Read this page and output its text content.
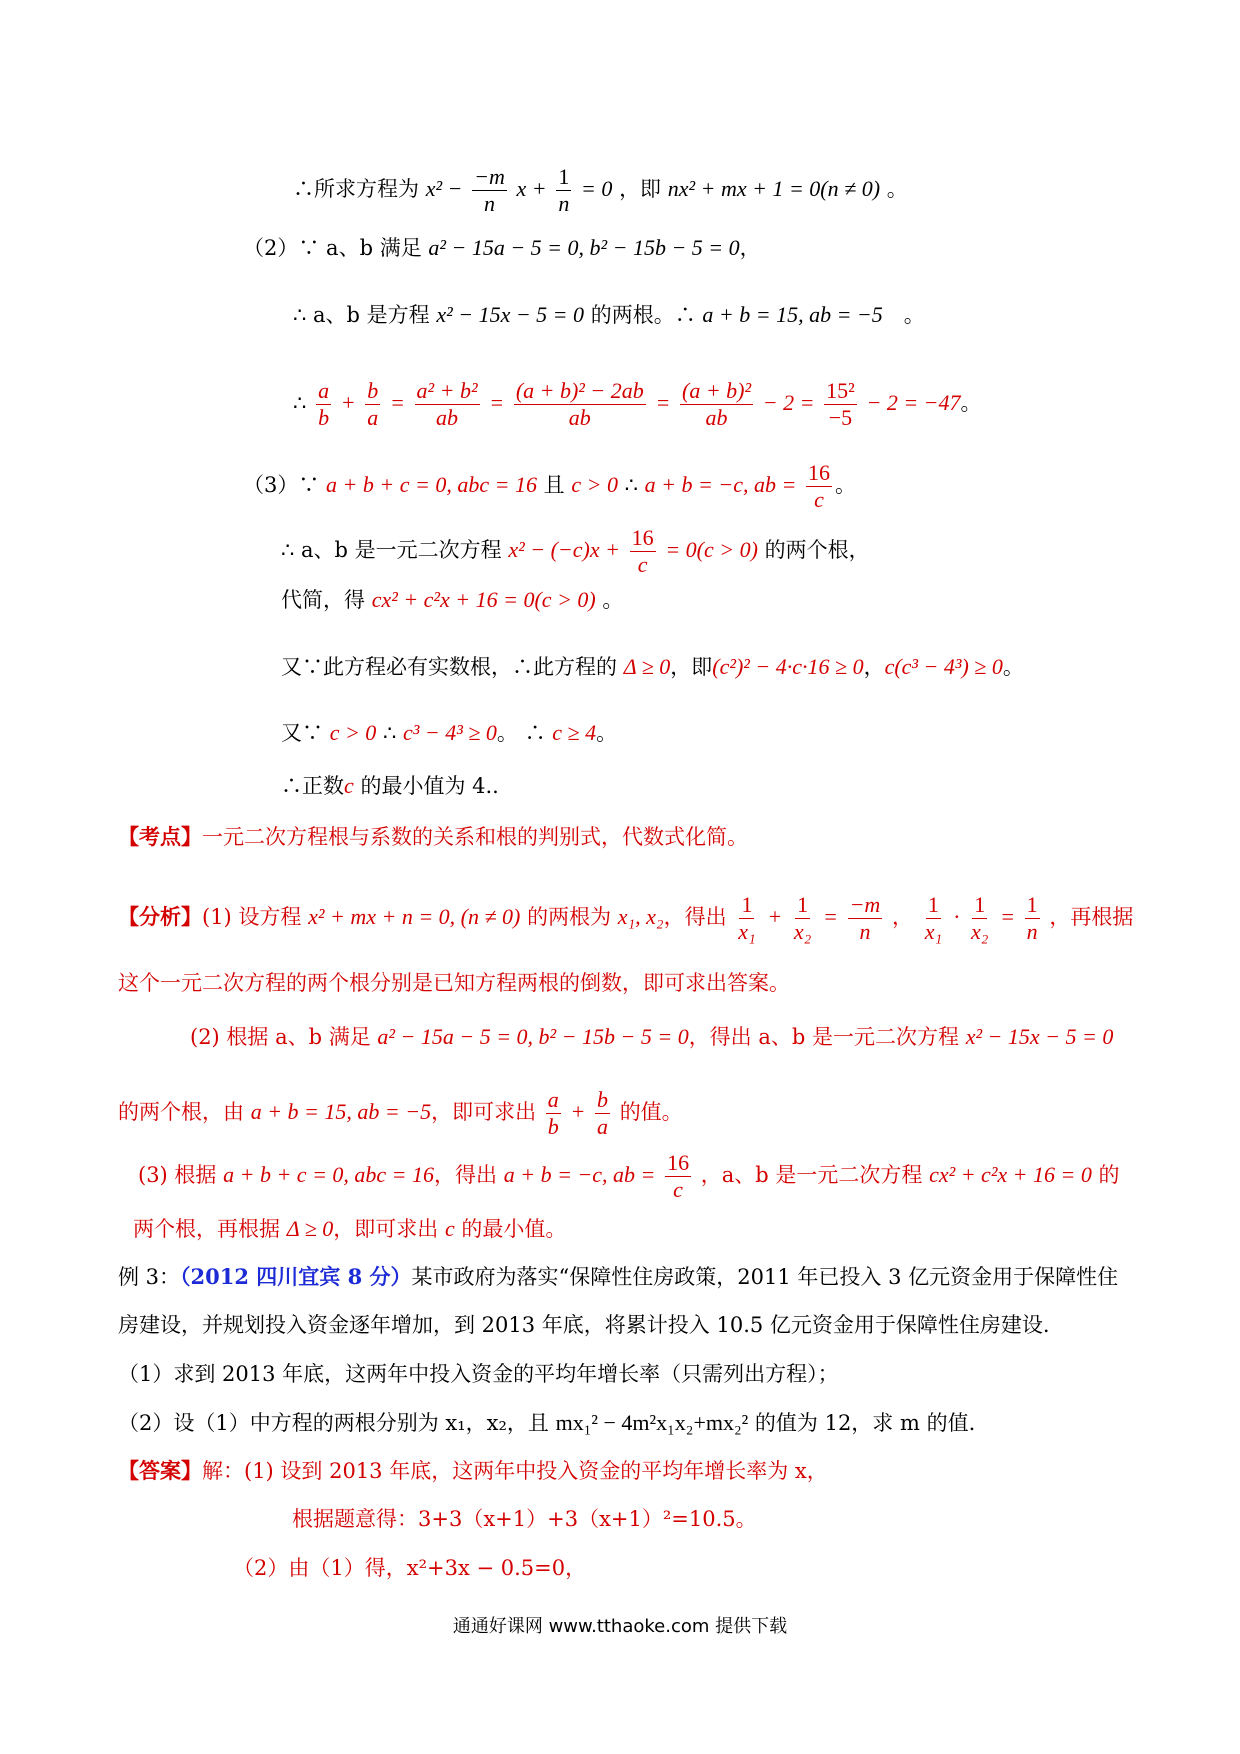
∴所求方程为 $x^2 - \frac{-m}{n}$ $x + \frac{1}{n} = 0$ ，即 nx² + mx + 1 = 0(n ≠ 0) 。
（2）∵ a、b 满足 a² − 15a − 5 = 0, b² − 15b − 5 = 0，
∴ a、b 是方程 x² − 15x − 5 = 0 的两根。∴ a + b = 15, ab = −5　。
∴ $\frac{a}{b} + \frac{b}{a} = \frac{\text{a² + b²}}{ab} = \frac{\text{(a + b)² − 2ab}}{ab} = \frac{\text{(a + b)²}}{ab} - 2 = \frac{\text{15²}}{-5} - 2 = -47$。
（3）∵ a + b + c = 0, abc = 16 且 c > 0 ∴ a + b = −c, ab = $\frac{16}{c}$ 。
∴ a、b 是一元二次方程 $x^2 - (-c)x + \frac{16}{c} = 0(c > 0)$ 的两个根，
代简，得 cx² + c²x + 16 = 0(c > 0) 。
又∵此方程必有实数根，∴此方程的 Δ ≥ 0，即(c²)² − 4·c·16 ≥ 0，c(c³ − 4³) ≥ 0。
又∵ c > 0 ∴ c³ − 4³ ≥ 0。 ∴ c ≥ 4。
∴正数c 的最小值为 4..
【考点】一元二次方程根与系数的关系和根的判别式，代数式化简。
【分析】(1) 设方程 x² + mx + n = 0, (n ≠ 0) 的两根为 x₁, x₂，得出 $\frac{1}{\text{x₁}} + \frac{1}{\text{x₂}} = \frac{-m}{n}$ ， $\frac{1}{\text{x₁}} \cdot \frac{1}{\text{x₂}} = \frac{1}{n}$ ，再根据
这个一元二次方程的两个根分别是已知方程两根的倒数，即可求出答案。
(2) 根据 a、b 满足 a² − 15a − 5 = 0, b² − 15b − 5 = 0，得出 a、b 是一元二次方程 x² − 15x − 5 = 0
的两个根，由 a + b = 15, ab = −5，即可求出 $\frac{a}{b} + \frac{b}{a}$ 的值。
(3) 根据 a + b + c = 0, abc = 16，得出 a + b = −c, ab = $\frac{16}{c}$ ，a、b 是一元二次方程 cx² + c²x + 16 = 0 的
两个根，再根据 Δ ≥ 0，即可求出 c 的最小值。
例 3：（2012 四川宜宾 8 分）某市政府为落实“保障性住房政策，2011 年已投入 3 亿元资金用于保障性住
房建设，并规划投入资金逐年增加，到 2013 年底，将累计投入 10.5 亿元资金用于保障性住房建设.
（1）求到 2013 年底，这两年中投入资金的平均年增长率（只需列出方程）；
（2）设（1）中方程的两根分别为 x₁，x₂，且 mx₁² − 4m²x₁x₂+mx₂² 的值为 12，求 m 的值.
【答案】解：(1) 设到 2013 年底，这两年中投入资金的平均年增长率为 x，
根据题意得：3+3（x+1）+3（x+1）²=10.5。
（2）由（1）得，x²+3x − 0.5=0，
通通好课网 www.tthaoke.com 提供下载
